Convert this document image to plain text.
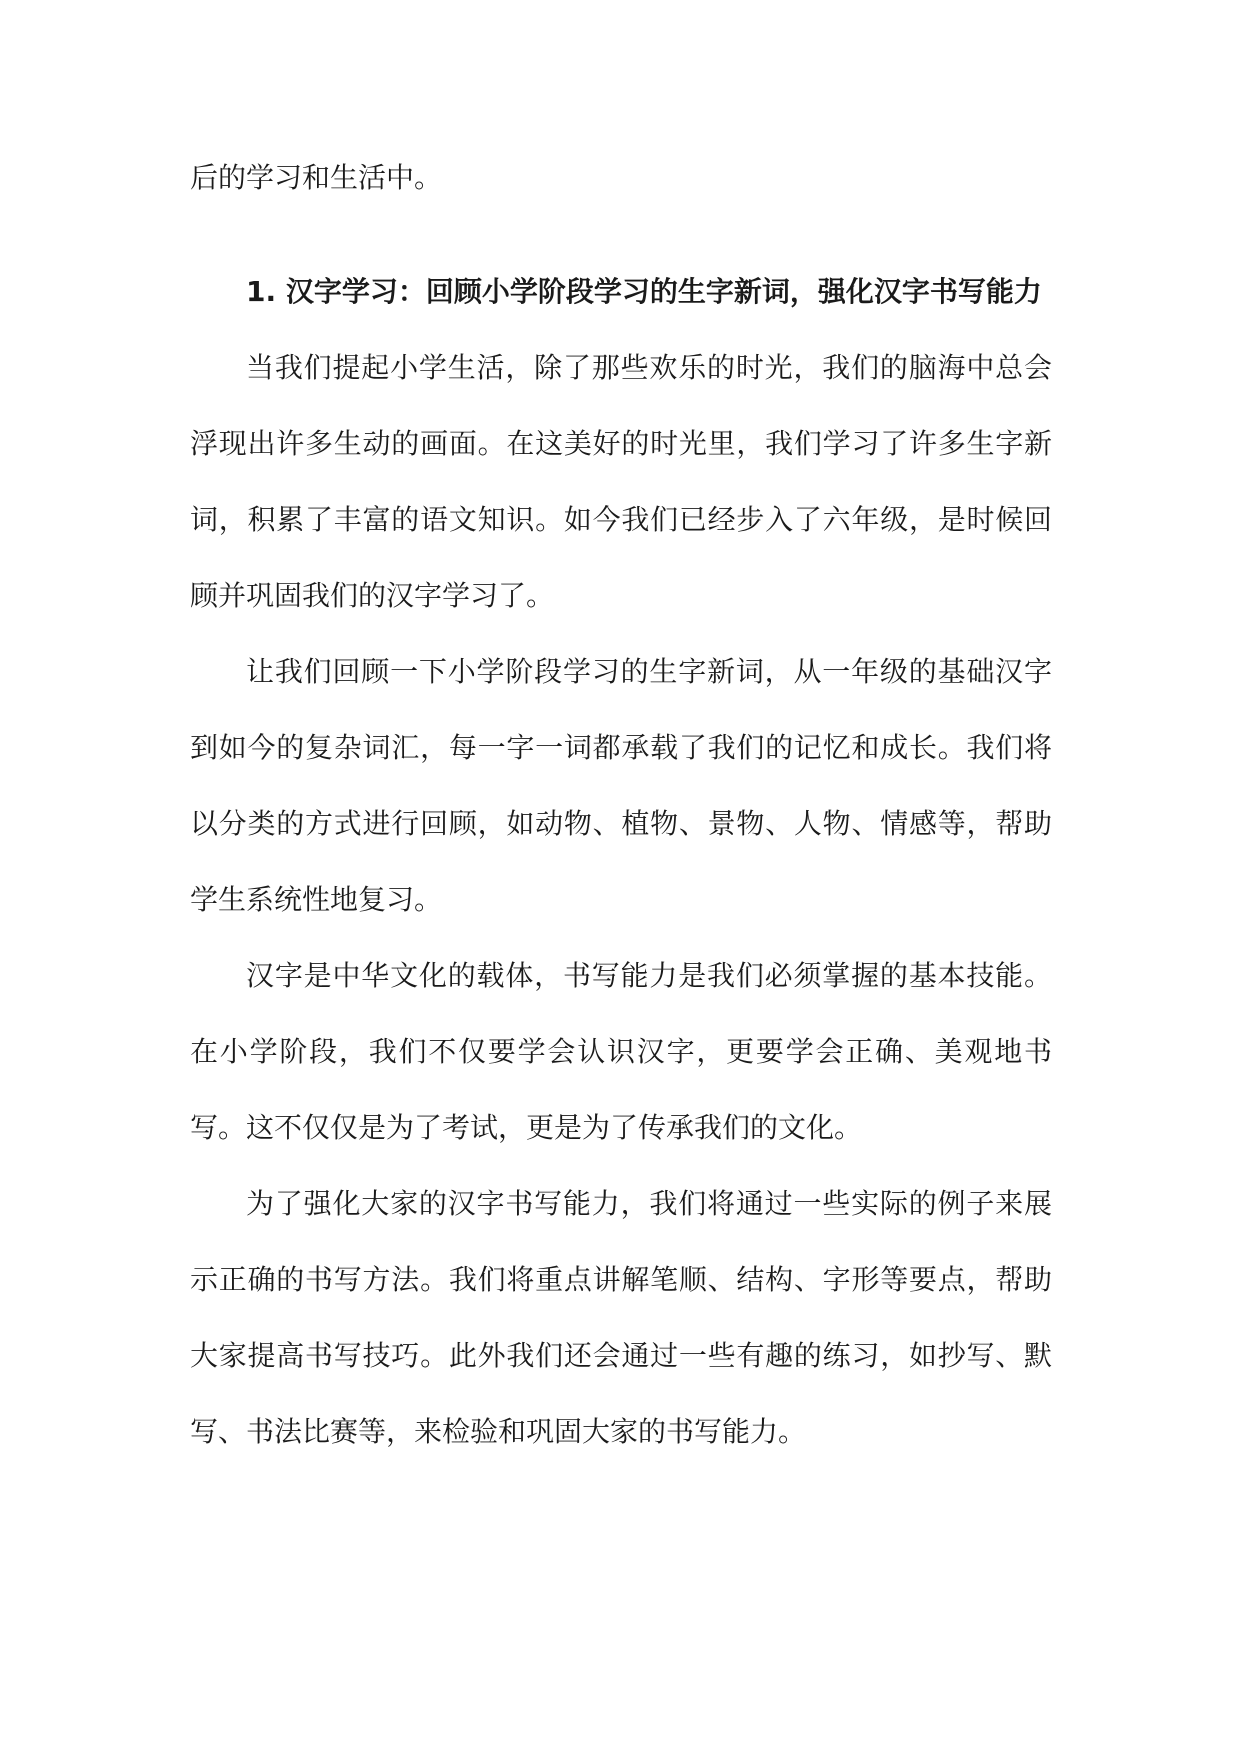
后的学习和生活中。

1. 汉字学习：回顾小学阶段学习的生字新词，强化汉字书写能力

当我们提起小学生活，除了那些欢乐的时光，我们的脑海中总会浮现出许多生动的画面。在这美好的时光里，我们学习了许多生字新词，积累了丰富的语文知识。如今我们已经步入了六年级，是时候回顾并巩固我们的汉字学习了。

让我们回顾一下小学阶段学习的生字新词，从一年级的基础汉字到如今的复杂词汇，每一字一词都承载了我们的记忆和成长。我们将以分类的方式进行回顾，如动物、植物、景物、人物、情感等，帮助学生系统性地复习。

汉字是中华文化的载体，书写能力是我们必须掌握的基本技能。在小学阶段，我们不仅要学会认识汉字，更要学会正确、美观地书写。这不仅仅是为了考试，更是为了传承我们的文化。

为了强化大家的汉字书写能力，我们将通过一些实际的例子来展示正确的书写方法。我们将重点讲解笔顺、结构、字形等要点，帮助大家提高书写技巧。此外我们还会通过一些有趣的练习，如抄写、默写、书法比赛等，来检验和巩固大家的书写能力。
